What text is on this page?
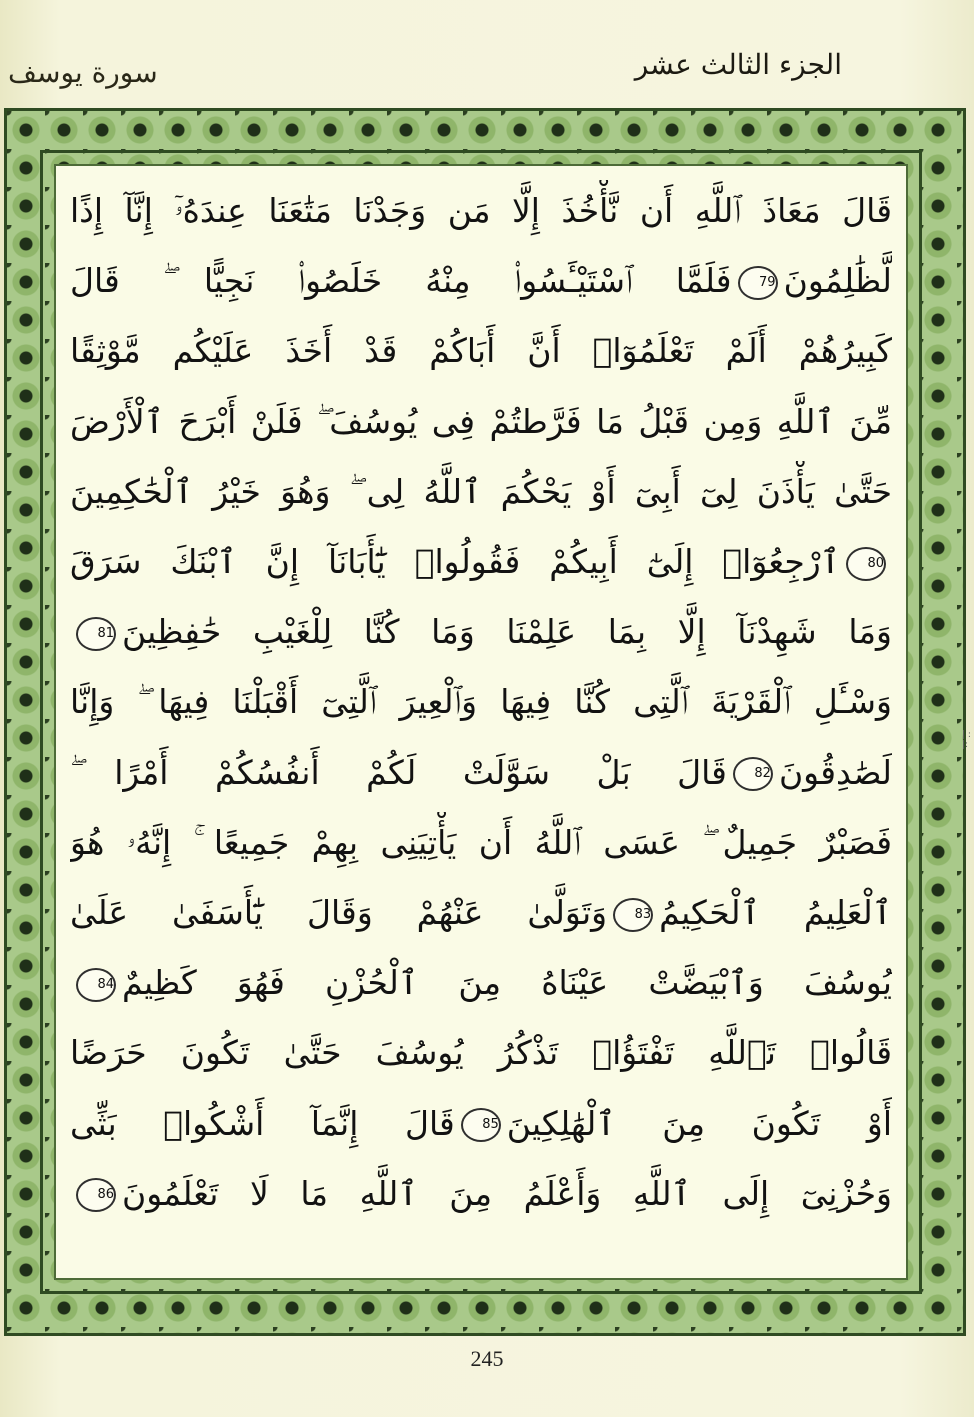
الجزء الثالث عشر
سورة يوسف
قَالَ مَعَاذَ ٱللَّهِ أَن نَّأْخُذَ إِلَّا مَن وَجَدْنَا مَتَٰعَنَا عِندَهُۥٓ إِنَّآ إِذًا
لَّظَٰلِمُونَ79فَلَمَّا ٱسْتَيْـَٔسُوا۟ مِنْهُ خَلَصُوا۟ نَجِيًّا ۖ قَالَ
كَبِيرُهُمْ أَلَمْ تَعْلَمُوٓا۟ أَنَّ أَبَاكُمْ قَدْ أَخَذَ عَلَيْكُم مَّوْثِقًا
مِّنَ ٱللَّهِ وَمِن قَبْلُ مَا فَرَّطتُمْ فِى يُوسُفَ ۖ فَلَنْ أَبْرَحَ ٱلْأَرْضَ
حَتَّىٰ يَأْذَنَ لِىٓ أَبِىٓ أَوْ يَحْكُمَ ٱللَّهُ لِى ۖ وَهُوَ خَيْرُ ٱلْحَٰكِمِينَ
80ٱرْجِعُوٓا۟ إِلَىٰٓ أَبِيكُمْ فَقُولُوا۟ يَٰٓأَبَانَآ إِنَّ ٱبْنَكَ سَرَقَ
وَمَا شَهِدْنَآ إِلَّا بِمَا عَلِمْنَا وَمَا كُنَّا لِلْغَيْبِ حَٰفِظِينَ81
وَسْـَٔلِ ٱلْقَرْيَةَ ٱلَّتِى كُنَّا فِيهَا وَٱلْعِيرَ ٱلَّتِىٓ أَقْبَلْنَا فِيهَا ۖ وَإِنَّا
لَصَٰدِقُونَ82قَالَ بَلْ سَوَّلَتْ لَكُمْ أَنفُسُكُمْ أَمْرًا ۖ
فَصَبْرٌ جَمِيلٌ ۖ عَسَى ٱللَّهُ أَن يَأْتِيَنِى بِهِمْ جَمِيعًا ۚ إِنَّهُۥ هُوَ
ٱلْعَلِيمُ ٱلْحَكِيمُ83وَتَوَلَّىٰ عَنْهُمْ وَقَالَ يَٰٓأَسَفَىٰ عَلَىٰ
يُوسُفَ وَٱبْيَضَّتْ عَيْنَاهُ مِنَ ٱلْحُزْنِ فَهُوَ كَظِيمٌ84
قَالُوا۟ تَٱللَّهِ تَفْتَؤُا۟ تَذْكُرُ يُوسُفَ حَتَّىٰ تَكُونَ حَرَضًا
أَوْ تَكُونَ مِنَ ٱلْهَٰلِكِينَ85قَالَ إِنَّمَآ أَشْكُوا۟ بَثِّى
وَحُزْنِىٓ إِلَى ٱللَّهِ وَأَعْلَمُ مِنَ ٱللَّهِ مَا لَا تَعْلَمُونَ86
245
| :
|:
